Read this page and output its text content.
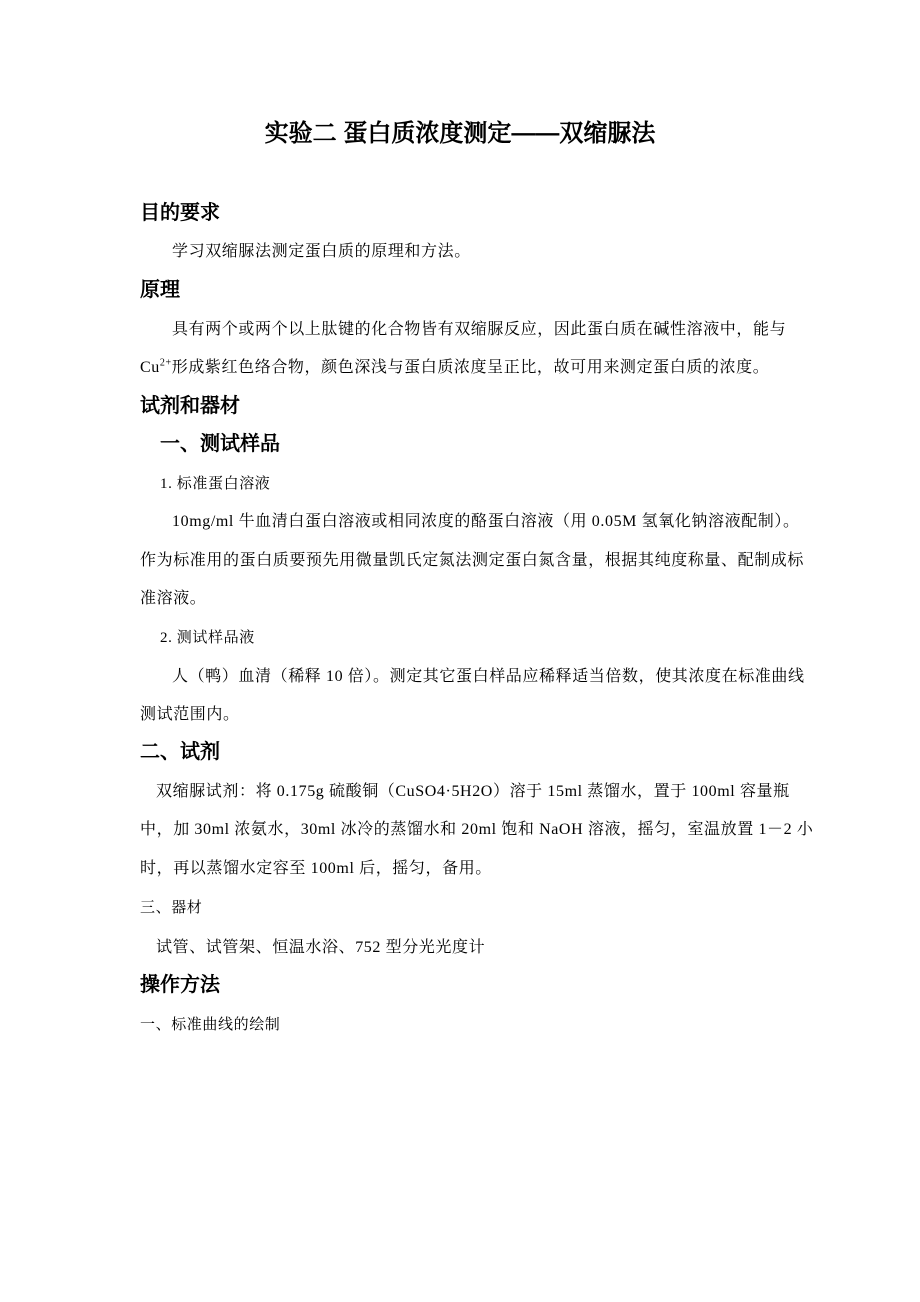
实验二 蛋白质浓度测定——双缩脲法
目的要求
学习双缩脲法测定蛋白质的原理和方法。
原理
具有两个或两个以上肽键的化合物皆有双缩脲反应，因此蛋白质在碱性溶液中，能与
$Cu^{2+}$形成紫红色络合物，颜色深浅与蛋白质浓度呈正比，故可用来测定蛋白质的浓度。
试剂和器材
一、测试样品
1. 标准蛋白溶液
10mg/ml 牛血清白蛋白溶液或相同浓度的酪蛋白溶液（用 0.05M 氢氧化钠溶液配制）。
作为标准用的蛋白质要预先用微量凯氏定氮法测定蛋白氮含量，根据其纯度称量、配制成标
准溶液。
2. 测试样品液
人（鸭）血清（稀释 10 倍）。测定其它蛋白样品应稀释适当倍数，使其浓度在标准曲线
测试范围内。
二、试剂
双缩脲试剂：将 0.175g 硫酸铜（CuSO4·5H2O）溶于 15ml 蒸馏水，置于 100ml 容量瓶
中，加 30ml 浓氨水，30ml 冰冷的蒸馏水和 20ml 饱和 NaOH 溶液，摇匀，室温放置 1－2 小
时，再以蒸馏水定容至 100ml 后，摇匀，备用。
三、器材
试管、试管架、恒温水浴、752 型分光光度计
操作方法
一、标准曲线的绘制
